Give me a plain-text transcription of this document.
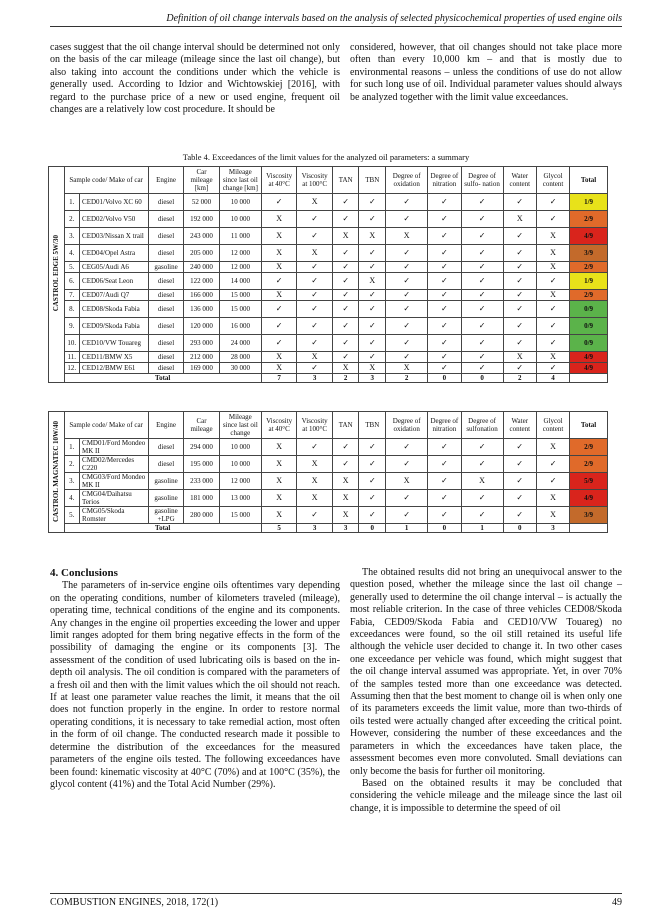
Definition of oil change intervals based on the analysis of selected physicochemical properties of used engine oils

cases suggest that the oil change interval should be determined not only on the basis of the car mileage (mileage since the last oil change), but also taking into account the conditions under which the vehicle is generally used. According to Idzior and Wichtowskiej [2016], with regard to the purchase price of a new or used engine, frequent oil changes are a relatively low cost procedure. It should be

considered, however, that oil changes should not take place more often than every 10,000 km – and that is mostly due to environmental reasons – unless the conditions of use do not allow for such long use of oil. Individual parameter values should always be analyzed together with the limit value exceedances.

Table 4. Exceedances of the limit values for the analyzed oil parameters: a summary
CASTROL EDGE 5W/30	Sample code/ Make of car		Engine	Car mileage [km]	Mileage since last oil change [km]	Viscosity at 40°C	Viscosity at 100°C	TAN	TBN	Degree of oxidation	Degree of nitration	Degree of sulfo- nation	Water content	Glycol content	Total
	1.	CED01/Volvo XC 60	diesel	52 000	10 000	✓	X	✓	✓	✓	✓	✓	✓	✓	1/9
	2.	CED02/Volvo V50	diesel	192 000	10 000	X	✓	✓	✓	✓	✓	✓	X	✓	2/9
	3.	CED03/Nissan X trail	diesel	243 000	11 000	X	✓	X	X	X	✓	✓	✓	X	4/9
	4.	CED04/Opel Astra	diesel	205 000	12 000	X	X	✓	✓	✓	✓	✓	✓	X	3/9
	5.	CEG05/Audi A6	gasoline	240 000	12 000	X	✓	✓	✓	✓	✓	✓	✓	X	2/9
	6.	CED06/Seat Leon	diesel	122 000	14 000	✓	✓	✓	X	✓	✓	✓	✓	✓	1/9
	7.	CED07/Audi Q7	diesel	166 000	15 000	X	✓	✓	✓	✓	✓	✓	✓	X	2/9
	8.	CED08/Skoda Fabia	diesel	136 000	15 000	✓	✓	✓	✓	✓	✓	✓	✓	✓	0/9
	9.	CED09/Skoda Fabia	diesel	120 000	16 000	✓	✓	✓	✓	✓	✓	✓	✓	✓	0/9
	10.	CED10/VW Touareg	diesel	293 000	24 000	✓	✓	✓	✓	✓	✓	✓	✓	✓	0/9
	11.	CED11/BMW X5	diesel	212 000	28 000	X	X	✓	✓	✓	✓	✓	X	X	4/9
	12.	CED12/BMW E61	diesel	169 000	30 000	X	✓	X	X	X	✓	✓	✓	✓	4/9
	Total					7	3	2	3	2	0	0	2	4	
CASTROL MAGNATEC 10W/40	Sample code/ Make of car		Engine	Car mileage	Mileage since last oil change	Viscosity at 40°C	Viscosity at 100°C	TAN	TBN	Degree of oxidation	Degree of nitration	Degree of sulfonation	Water content	Glycol content	Total
	1.	CMD01/Ford Mondeo MK II	diesel	294 000	10 000	X	✓	✓	✓	✓	✓	✓	✓	X	2/9
	2.	CMD02/Mercedes C220	diesel	195 000	10 000	X	X	✓	✓	✓	✓	✓	✓	✓	2/9
	3.	CMG03/Ford Mondeo MK II	gasoline	233 000	12 000	X	X	X	✓	X	✓	X	✓	✓	5/9
	4.	CMG04/Daihatsu Terios	gasoline	181 000	13 000	X	X	X	✓	✓	✓	✓	✓	X	4/9
	5.	CMG05/Skoda Romster	gasoline +LPG	280 000	15 000	X	✓	X	✓	✓	✓	✓	✓	X	3/9
	Total					5	3	3	0	1	0	1	0	3	
4. Conclusions

The parameters of in-service engine oils oftentimes vary depending on the operating conditions, number of kilometers traveled (mileage), operating time, technical conditions of the engine and its components. Any changes in the engine oil properties exceeding the lower and upper limit ranges adopted for them bring negative effects in the form of the possibility of damaging the engine or its components [3]. The assessment of the condition of used lubricating oils is based on the in-depth oil analysis. The oil condition is compared with the parameters of a fresh oil and then with the limit values which the oil should not reach. If at least one parameter value reaches the limit, it means that the oil does not function properly in the engine. In order to restore normal operating conditions, it is necessary to take remedial action, most often in the form of oil change. The conducted research made it possible to determine the distribution of the exceedances for the measured parameters of the engine oils tested. The following exceedances have been found: kinematic viscosity at 40°C (70%) and at 100°C (35%), the glycol content (41%) and the Total Acid Number (29%).

The obtained results did not bring an unequivocal answer to the question posed, whether the mileage since the last oil change – generally used to determine the oil change interval – is actually the most reliable criterion. In the case of three vehicles CED08/Skoda Fabia, CED09/Skoda Fabia and CED10/VW Touareg) no exceedances were found, so the oil still retained its useful life although the vehicle user decided to change it. In two other cases one exceedance per vehicle was found, which might suggest that the oil change interval assumed was appropriate. Yet, in over 70% of the samples tested more than one exceedance was detected. Assuming then that the best moment to change oil is when only one of its parameters exceeds the limit value, more than two-thirds of oils tested were actually changed after exceeding the critical point. However, considering the number of these exceedances and the parameters in which the exceedances have taken place, the assessment becomes even more convoluted. Small deviations can only become the basis for further oil monitoring.

Based on the obtained results it may be concluded that considering the vehicle mileage and the mileage since the last oil change, it is impossible to determine the speed of oil

COMBUSTION ENGINES, 2018, 172(1)	49
